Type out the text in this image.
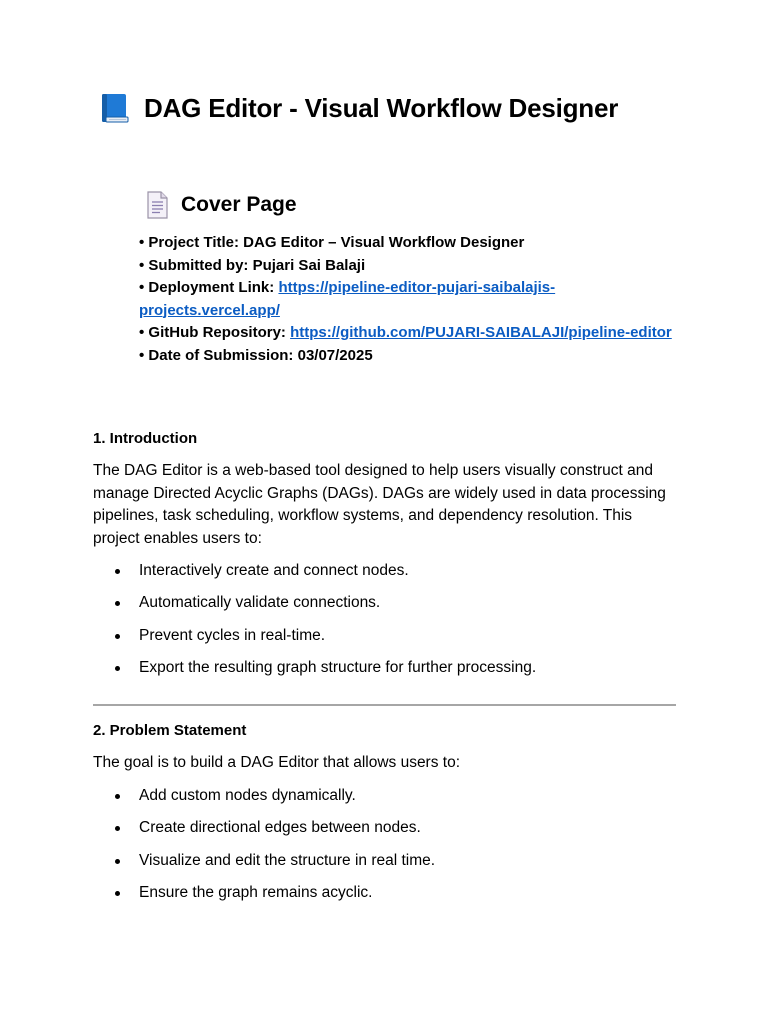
DAG Editor - Visual Workflow Designer
Cover Page

• Project Title: DAG Editor – Visual Workflow Designer

• Submitted by: Pujari Sai Balaji

• Deployment Link: https://pipeline-editor-pujari-saibalajis-projects.vercel.app/

• GitHub Repository: https://github.com/PUJARI-SAIBALAJI/pipeline-editor

• Date of Submission: 03/07/2025

1. Introduction
The DAG Editor is a web-based tool designed to help users visually construct and manage Directed Acyclic Graphs (DAGs). DAGs are widely used in data processing pipelines, task scheduling, workflow systems, and dependency resolution. This project enables users to:
Interactively create and connect nodes.
Automatically validate connections.
Prevent cycles in real-time.
Export the resulting graph structure for further processing.
2. Problem Statement
The goal is to build a DAG Editor that allows users to:
Add custom nodes dynamically.
Create directional edges between nodes.
Visualize and edit the structure in real time.
Ensure the graph remains acyclic.
